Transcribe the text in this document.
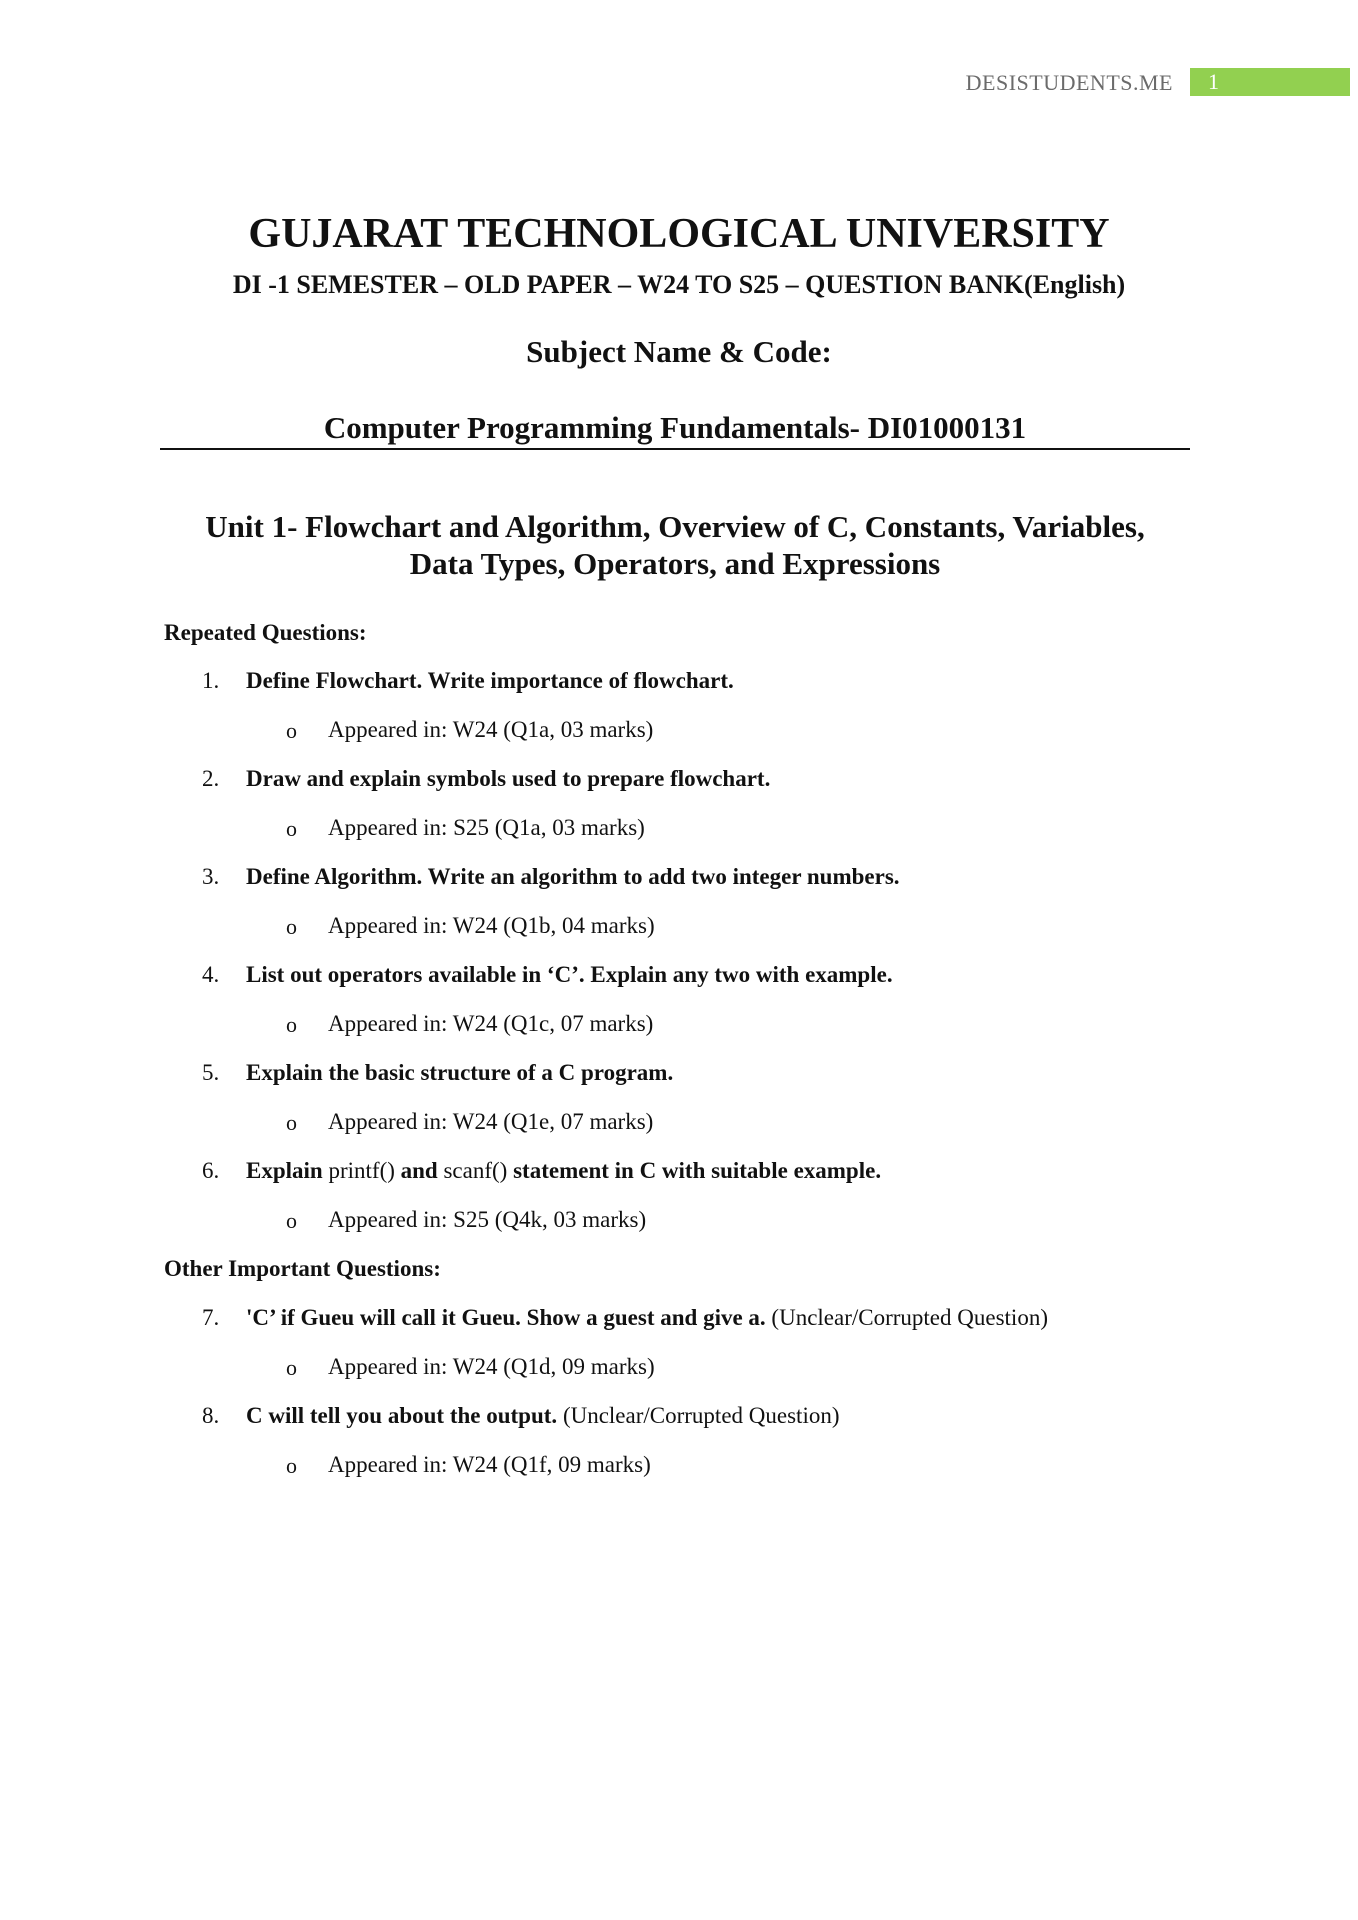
DESISTUDENTS.ME	1
GUJARAT TECHNOLOGICAL UNIVERSITY
DI -1 SEMESTER – OLD PAPER – W24 TO S25 – QUESTION BANK(English)
Subject Name & Code:
Computer Programming Fundamentals- DI01000131
Unit 1- Flowchart and Algorithm, Overview of C, Constants, Variables,
Data Types, Operators, and Expressions
Repeated Questions:
1. Define Flowchart. Write importance of flowchart.
o Appeared in: W24 (Q1a, 03 marks)
2. Draw and explain symbols used to prepare flowchart.
o Appeared in: S25 (Q1a, 03 marks)
3. Define Algorithm. Write an algorithm to add two integer numbers.
o Appeared in: W24 (Q1b, 04 marks)
4. List out operators available in ‘C’. Explain any two with example.
o Appeared in: W24 (Q1c, 07 marks)
5. Explain the basic structure of a C program.
o Appeared in: W24 (Q1e, 07 marks)
6. Explain printf() and scanf() statement in C with suitable example.
o Appeared in: S25 (Q4k, 03 marks)
Other Important Questions:
7. 'C’ if Gueu will call it Gueu. Show a guest and give a. (Unclear/Corrupted Question)
o Appeared in: W24 (Q1d, 09 marks)
8. C will tell you about the output. (Unclear/Corrupted Question)
o Appeared in: W24 (Q1f, 09 marks)
